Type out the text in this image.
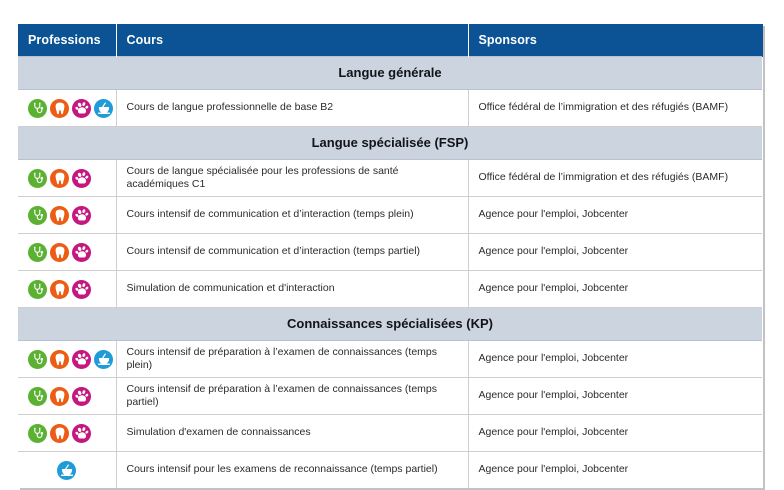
Professions	Cours	Sponsors
Langue générale		

Cours de langue professionnelle de base B2	Office fédéral de l’immigration et des réfugiés (BAMF)

Langue spécialisée (FSP)		

Cours de langue spécialisée pour les professions de santé académiques C1	Office fédéral de l’immigration et des réfugiés (BAMF)

Cours intensif de communication et d’interaction (temps plein)	Agence pour l'emploi, Jobcenter

Cours intensif de communication et d’interaction (temps partiel)	Agence pour l'emploi, Jobcenter

Simulation de communication et d'interaction	Agence pour l'emploi, Jobcenter

Connaissances spécialisées (KP)		

Cours intensif de préparation à l’examen de connaissances (temps plein)	Agence pour l'emploi, Jobcenter

Cours intensif de préparation à l’examen de connaissances (temps partiel)	Agence pour l'emploi, Jobcenter

Simulation d'examen de connaissances	Agence pour l'emploi, Jobcenter

Cours intensif pour les examens de reconnaissance (temps partiel)	Agence pour l'emploi, Jobcenter
